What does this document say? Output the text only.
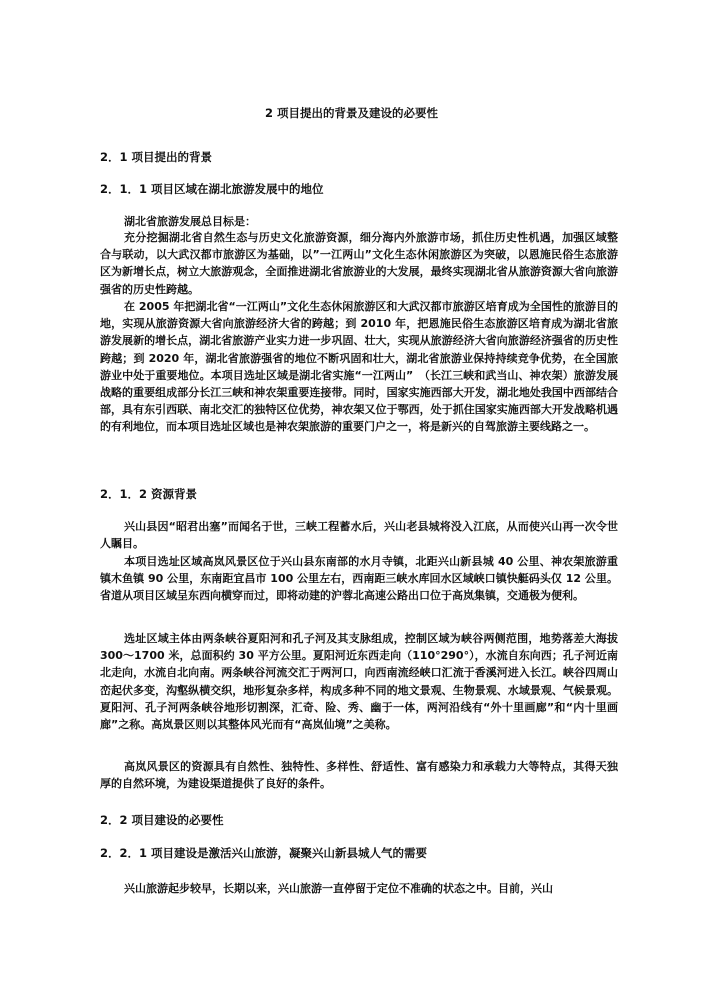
2 项目提出的背景及建设的必要性
2．1 项目提出的背景
2．1．1 项目区域在湖北旅游发展中的地位
湖北省旅游发展总目标是：

充分挖掘湖北省自然生态与历史文化旅游资源，细分海内外旅游市场，抓住历史性机遇，加强区域整合与联动，以大武汉都市旅游区为基础，以”一江两山”文化生态休闲旅游区为突破，以恩施民俗生态旅游区为新增长点，树立大旅游观念，全面推进湖北省旅游业的大发展，最终实现湖北省从旅游资源大省向旅游强省的历史性跨越。

在 2005 年把湖北省“一江两山”文化生态休闲旅游区和大武汉都市旅游区培育成为全国性的旅游目的地，实现从旅游资源大省向旅游经济大省的跨越；到 2010 年，把恩施民俗生态旅游区培育成为湖北省旅游发展新的增长点，湖北省旅游产业实力进一步巩固、壮大，实现从旅游经济大省向旅游经济强省的历史性跨越；到 2020 年，湖北省旅游强省的地位不断巩固和壮大，湖北省旅游业保持持续竞争优势，在全国旅游业中处于重要地位。本项目选址区域是湖北省实施“一江两山”　（长江三峡和武当山、神农架）旅游发展战略的重要组成部分长江三峡和神农架重要连接带。同时，国家实施西部大开发，湖北地处我国中西部结合部，具有东引西联、南北交汇的独特区位优势，神农架又位于鄂西，处于抓住国家实施西部大开发战略机遇的有利地位，而本项目选址区域也是神农架旅游的重要门户之一，将是新兴的自驾旅游主要线路之一。

2．1．2 资源背景

兴山县因“昭君出塞”而闻名于世，三峡工程蓄水后，兴山老县城将没入江底，从而使兴山再一次令世人瞩目。

本项目选址区域高岚风景区位于兴山县东南部的水月寺镇，北距兴山新县城 40 公里、神农架旅游重镇木鱼镇 90 公里，东南距宜昌市 100 公里左右，西南距三峡水库回水区域峡口镇快艇码头仅 12 公里。省道从项目区域呈东西向横穿而过，即将动建的沪蓉北高速公路出口位于高岚集镇，交通极为便利。

选址区域主体由两条峡谷夏阳河和孔子河及其支脉组成，控制区域为峡谷两侧范围，地势落差大海拔 300～1700 米，总面积约 30 平方公里。夏阳河近东西走向（110°290°），水流自东向西；孔子河近南北走向，水流自北向南。两条峡谷河流交汇于两河口，向西南流经峡口汇流于香溪河进入长江。峡谷四周山峦起伏多变，沟壑纵横交织，地形复杂多样，构成多种不同的地文景观、生物景观、水域景观、气候景观。夏阳河、孔子河两条峡谷地形切割深，汇奇、险、秀、幽于一体，两河沿线有“外十里画廊”和“内十里画廊”之称。高岚景区则以其整体风光而有“高岚仙境”之美称。

高岚风景区的资源具有自然性、独特性、多样性、舒适性、富有感染力和承载力大等特点，其得天独厚的自然环境，为建设渠道提供了良好的条件。

2．2 项目建设的必要性
2．2．1 项目建设是激活兴山旅游，凝聚兴山新县城人气的需要
兴山旅游起步较早，长期以来，兴山旅游一直停留于定位不准确的状态之中。目前，兴山
